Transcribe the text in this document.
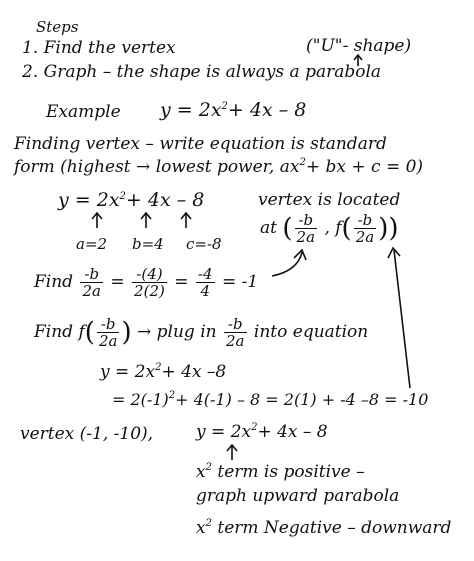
Steps
1. Find the vertex	("U"- shape)
2. Graph – the shape is always a parabola
Example $y = 2x^2+ 4x - 8$
Finding vertex – write equation is standard
form (highest → lowest power, $ax^2+$ bx + c = 0)
$y = 2x^2+ 4x - 8$
a=2 b=4 c=-8
vertex is located
at ( $\frac{-b}{2a}$ , $f( \frac{-b}{2a}$ ))
Find $\frac{-b}{2a} = \frac{-(4)}{2(2)} = \frac{-4}{4} = -1$
Find $f( \frac{-b}{2a}$ ) → plug in $\frac{-b}{2a}$ into equation
$y = 2x^2+ 4x$ –8
= $2(-1)^2+ 4(-1) - 8 = 2(1) + -4$ –8 = -10
vertex (-1, -10),	$y = 2x^2+ 4x - 8$
$x^2$ term is positive –
graph upward parabola
$x^2$ term Negative – downward
